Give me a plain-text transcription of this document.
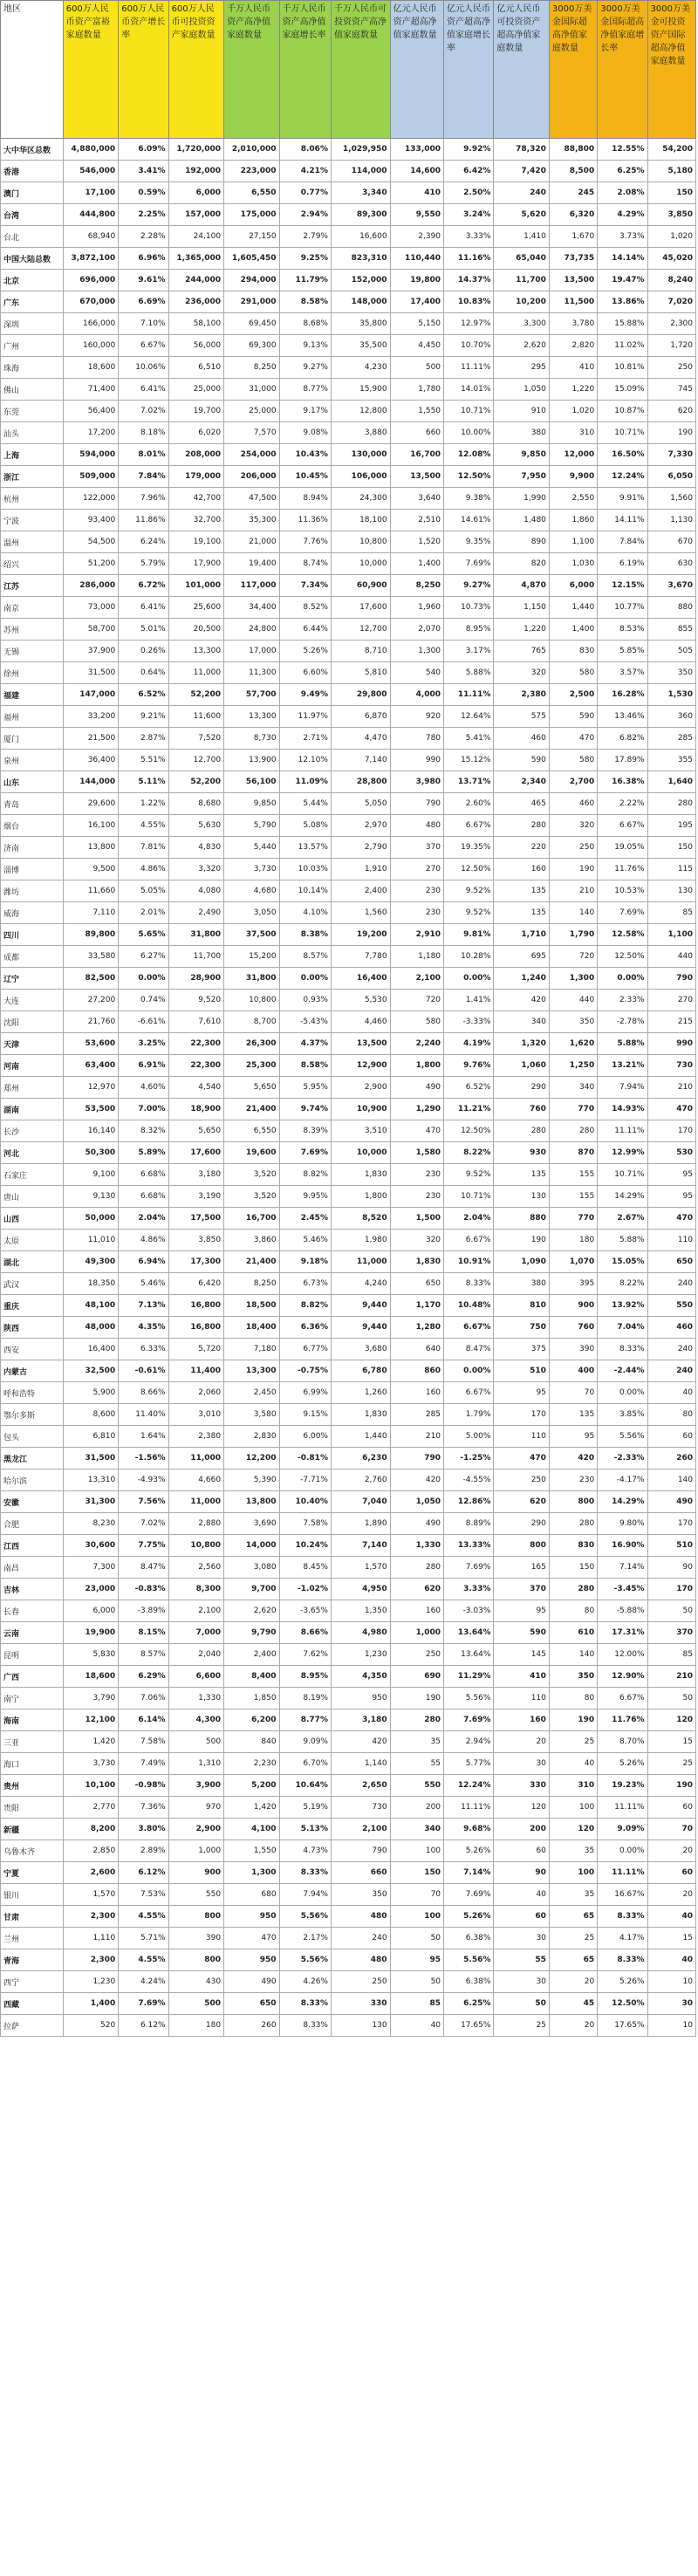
地区	600万人民币资产富裕家庭数量	600万人民币资产增长率	600万人民币可投资资产家庭数量	千万人民币资产高净值家庭数量	千万人民币资产高净值家庭增长率	千万人民币可投资资产高净值家庭数量	亿元人民币资产超高净值家庭数量	亿元人民币资产超高净值家庭增长率	亿元人民币可投资资产超高净值家庭数量	3000万美金国际超高净值家庭数量	3000万美金国际超高净值家庭增长率	3000万美金可投资资产国际超高净值家庭数量
大中华区总数	4,880,000	6.09%	1,720,000	2,010,000	8.06%	1,029,950	133,000	9.92%	78,320	88,800	12.55%	54,200
香港	546,000	3.41%	192,000	223,000	4.21%	114,000	14,600	6.42%	7,420	8,500	6.25%	5,180
澳门	17,100	0.59%	6,000	6,550	0.77%	3,340	410	2.50%	240	245	2.08%	150
台湾	444,800	2.25%	157,000	175,000	2.94%	89,300	9,550	3.24%	5,620	6,320	4.29%	3,850
台北	68,940	2.28%	24,100	27,150	2.79%	16,600	2,390	3.33%	1,410	1,670	3.73%	1,020
中国大陆总数	3,872,100	6.96%	1,365,000	1,605,450	9.25%	823,310	110,440	11.16%	65,040	73,735	14.14%	45,020
北京	696,000	9.61%	244,000	294,000	11.79%	152,000	19,800	14.37%	11,700	13,500	19.47%	8,240
广东	670,000	6.69%	236,000	291,000	8.58%	148,000	17,400	10.83%	10,200	11,500	13.86%	7,020
深圳	166,000	7.10%	58,100	69,450	8.68%	35,800	5,150	12.97%	3,300	3,780	15.88%	2,300
广州	160,000	6.67%	56,000	69,300	9.13%	35,500	4,450	10.70%	2,620	2,820	11.02%	1,720
珠海	18,600	10.06%	6,510	8,250	9.27%	4,230	500	11.11%	295	410	10.81%	250
佛山	71,400	6.41%	25,000	31,000	8.77%	15,900	1,780	14.01%	1,050	1,220	15.09%	745
东莞	56,400	7.02%	19,700	25,000	9.17%	12,800	1,550	10.71%	910	1,020	10.87%	620
汕头	17,200	8.18%	6,020	7,570	9.08%	3,880	660	10.00%	380	310	10.71%	190
上海	594,000	8.01%	208,000	254,000	10.43%	130,000	16,700	12.08%	9,850	12,000	16.50%	7,330
浙江	509,000	7.84%	179,000	206,000	10.45%	106,000	13,500	12.50%	7,950	9,900	12.24%	6,050
杭州	122,000	7.96%	42,700	47,500	8.94%	24,300	3,640	9.38%	1,990	2,550	9.91%	1,560
宁波	93,400	11.86%	32,700	35,300	11.36%	18,100	2,510	14.61%	1,480	1,860	14.11%	1,130
温州	54,500	6.24%	19,100	21,000	7.76%	10,800	1,520	9.35%	890	1,100	7.84%	670
绍兴	51,200	5.79%	17,900	19,400	8.74%	10,000	1,400	7.69%	820	1,030	6.19%	630
江苏	286,000	6.72%	101,000	117,000	7.34%	60,900	8,250	9.27%	4,870	6,000	12.15%	3,670
南京	73,000	6.41%	25,600	34,400	8.52%	17,600	1,960	10.73%	1,150	1,440	10.77%	880
苏州	58,700	5.01%	20,500	24,800	6.44%	12,700	2,070	8.95%	1,220	1,400	8.53%	855
无锡	37,900	0.26%	13,300	17,000	5.26%	8,710	1,300	3.17%	765	830	5.85%	505
徐州	31,500	0.64%	11,000	11,300	6.60%	5,810	540	5.88%	320	580	3.57%	350
福建	147,000	6.52%	52,200	57,700	9.49%	29,800	4,000	11.11%	2,380	2,500	16.28%	1,530
福州	33,200	9.21%	11,600	13,300	11.97%	6,870	920	12.64%	575	590	13.46%	360
厦门	21,500	2.87%	7,520	8,730	2.71%	4,470	780	5.41%	460	470	6.82%	285
泉州	36,400	5.51%	12,700	13,900	12.10%	7,140	990	15.12%	590	580	17.89%	355
山东	144,000	5.11%	52,200	56,100	11.09%	28,800	3,980	13.71%	2,340	2,700	16.38%	1,640
青岛	29,600	1.22%	8,680	9,850	5.44%	5,050	790	2.60%	465	460	2.22%	280
烟台	16,100	4.55%	5,630	5,790	5.08%	2,970	480	6.67%	280	320	6.67%	195
济南	13,800	7.81%	4,830	5,440	13.57%	2,790	370	19.35%	220	250	19.05%	150
淄博	9,500	4.86%	3,320	3,730	10.03%	1,910	270	12.50%	160	190	11.76%	115
潍坊	11,660	5.05%	4,080	4,680	10.14%	2,400	230	9.52%	135	210	10.53%	130
威海	7,110	2.01%	2,490	3,050	4.10%	1,560	230	9.52%	135	140	7.69%	85
四川	89,800	5.65%	31,800	37,500	8.38%	19,200	2,910	9.81%	1,710	1,790	12.58%	1,100
成都	33,580	6.27%	11,700	15,200	8.57%	7,780	1,180	10.28%	695	720	12.50%	440
辽宁	82,500	0.00%	28,900	31,800	0.00%	16,400	2,100	0.00%	1,240	1,300	0.00%	790
大连	27,200	0.74%	9,520	10,800	0.93%	5,530	720	1.41%	420	440	2.33%	270
沈阳	21,760	-6.61%	7,610	8,700	-5.43%	4,460	580	-3.33%	340	350	-2.78%	215
天津	53,600	3.25%	22,300	26,300	4.37%	13,500	2,240	4.19%	1,320	1,620	5.88%	990
河南	63,400	6.91%	22,300	25,300	8.58%	12,900	1,800	9.76%	1,060	1,250	13.21%	730
郑州	12,970	4.60%	4,540	5,650	5.95%	2,900	490	6.52%	290	340	7.94%	210
湖南	53,500	7.00%	18,900	21,400	9.74%	10,900	1,290	11.21%	760	770	14.93%	470
长沙	16,140	8.32%	5,650	6,550	8.39%	3,510	470	12.50%	280	280	11.11%	170
河北	50,300	5.89%	17,600	19,600	7.69%	10,000	1,580	8.22%	930	870	12.99%	530
石家庄	9,100	6.68%	3,180	3,520	8.82%	1,830	230	9.52%	135	155	10.71%	95
唐山	9,130	6.68%	3,190	3,520	9.95%	1,800	230	10.71%	130	155	14.29%	95
山西	50,000	2.04%	17,500	16,700	2.45%	8,520	1,500	2.04%	880	770	2.67%	470
太原	11,010	4.86%	3,850	3,860	5.46%	1,980	320	6.67%	190	180	5.88%	110
湖北	49,300	6.94%	17,300	21,400	9.18%	11,000	1,830	10.91%	1,090	1,070	15.05%	650
武汉	18,350	5.46%	6,420	8,250	6.73%	4,240	650	8.33%	380	395	8.22%	240
重庆	48,100	7.13%	16,800	18,500	8.82%	9,440	1,170	10.48%	810	900	13.92%	550
陕西	48,000	4.35%	16,800	18,400	6.36%	9,440	1,280	6.67%	750	760	7.04%	460
西安	16,400	6.33%	5,720	7,180	6.77%	3,680	640	8.47%	375	390	8.33%	240
内蒙古	32,500	-0.61%	11,400	13,300	-0.75%	6,780	860	0.00%	510	400	-2.44%	240
呼和浩特	5,900	8.66%	2,060	2,450	6.99%	1,260	160	6.67%	95	70	0.00%	40
鄂尔多斯	8,600	11.40%	3,010	3,580	9.15%	1,830	285	1.79%	170	135	3.85%	80
包头	6,810	1.64%	2,380	2,830	6.00%	1,440	210	5.00%	110	95	5.56%	60
黑龙江	31,500	-1.56%	11,000	12,200	-0.81%	6,230	790	-1.25%	470	420	-2.33%	260
哈尔滨	13,310	-4.93%	4,660	5,390	-7.71%	2,760	420	-4.55%	250	230	-4.17%	140
安徽	31,300	7.56%	11,000	13,800	10.40%	7,040	1,050	12.86%	620	800	14.29%	490
合肥	8,230	7.02%	2,880	3,690	7.58%	1,890	490	8.89%	290	280	9.80%	170
江西	30,600	7.75%	10,800	14,000	10.24%	7,140	1,330	13.33%	800	830	16.90%	510
南昌	7,300	8.47%	2,560	3,080	8.45%	1,570	280	7.69%	165	150	7.14%	90
吉林	23,000	-0.83%	8,300	9,700	-1.02%	4,950	620	3.33%	370	280	-3.45%	170
长春	6,000	-3.89%	2,100	2,620	-3.65%	1,350	160	-3.03%	95	80	-5.88%	50
云南	19,900	8.15%	7,000	9,790	8.66%	4,980	1,000	13.64%	590	610	17.31%	370
昆明	5,830	8.57%	2,040	2,400	7.62%	1,230	250	13.64%	145	140	12.00%	85
广西	18,600	6.29%	6,600	8,400	8.95%	4,350	690	11.29%	410	350	12.90%	210
南宁	3,790	7.06%	1,330	1,850	8.19%	950	190	5.56%	110	80	6.67%	50
海南	12,100	6.14%	4,300	6,200	8.77%	3,180	280	7.69%	160	190	11.76%	120
三亚	1,420	7.58%	500	840	9.09%	420	35	2.94%	20	25	8.70%	15
海口	3,730	7.49%	1,310	2,230	6.70%	1,140	55	5.77%	30	40	5.26%	25
贵州	10,100	-0.98%	3,900	5,200	10.64%	2,650	550	12.24%	330	310	19.23%	190
贵阳	2,770	7.36%	970	1,420	5.19%	730	200	11.11%	120	100	11.11%	60
新疆	8,200	3.80%	2,900	4,100	5.13%	2,100	340	9.68%	200	120	9.09%	70
乌鲁木齐	2,850	2.89%	1,000	1,550	4.73%	790	100	5.26%	60	35	0.00%	20
宁夏	2,600	6.12%	900	1,300	8.33%	660	150	7.14%	90	100	11.11%	60
银川	1,570	7.53%	550	680	7.94%	350	70	7.69%	40	35	16.67%	20
甘肃	2,300	4.55%	800	950	5.56%	480	100	5.26%	60	65	8.33%	40
兰州	1,110	5.71%	390	470	2.17%	240	50	6.38%	30	25	4.17%	15
青海	2,300	4.55%	800	950	5.56%	480	95	5.56%	55	65	8.33%	40
西宁	1,230	4.24%	430	490	4.26%	250	50	6.38%	30	20	5.26%	10
西藏	1,400	7.69%	500	650	8.33%	330	85	6.25%	50	45	12.50%	30
拉萨	520	6.12%	180	260	8.33%	130	40	17.65%	25	20	17.65%	10
